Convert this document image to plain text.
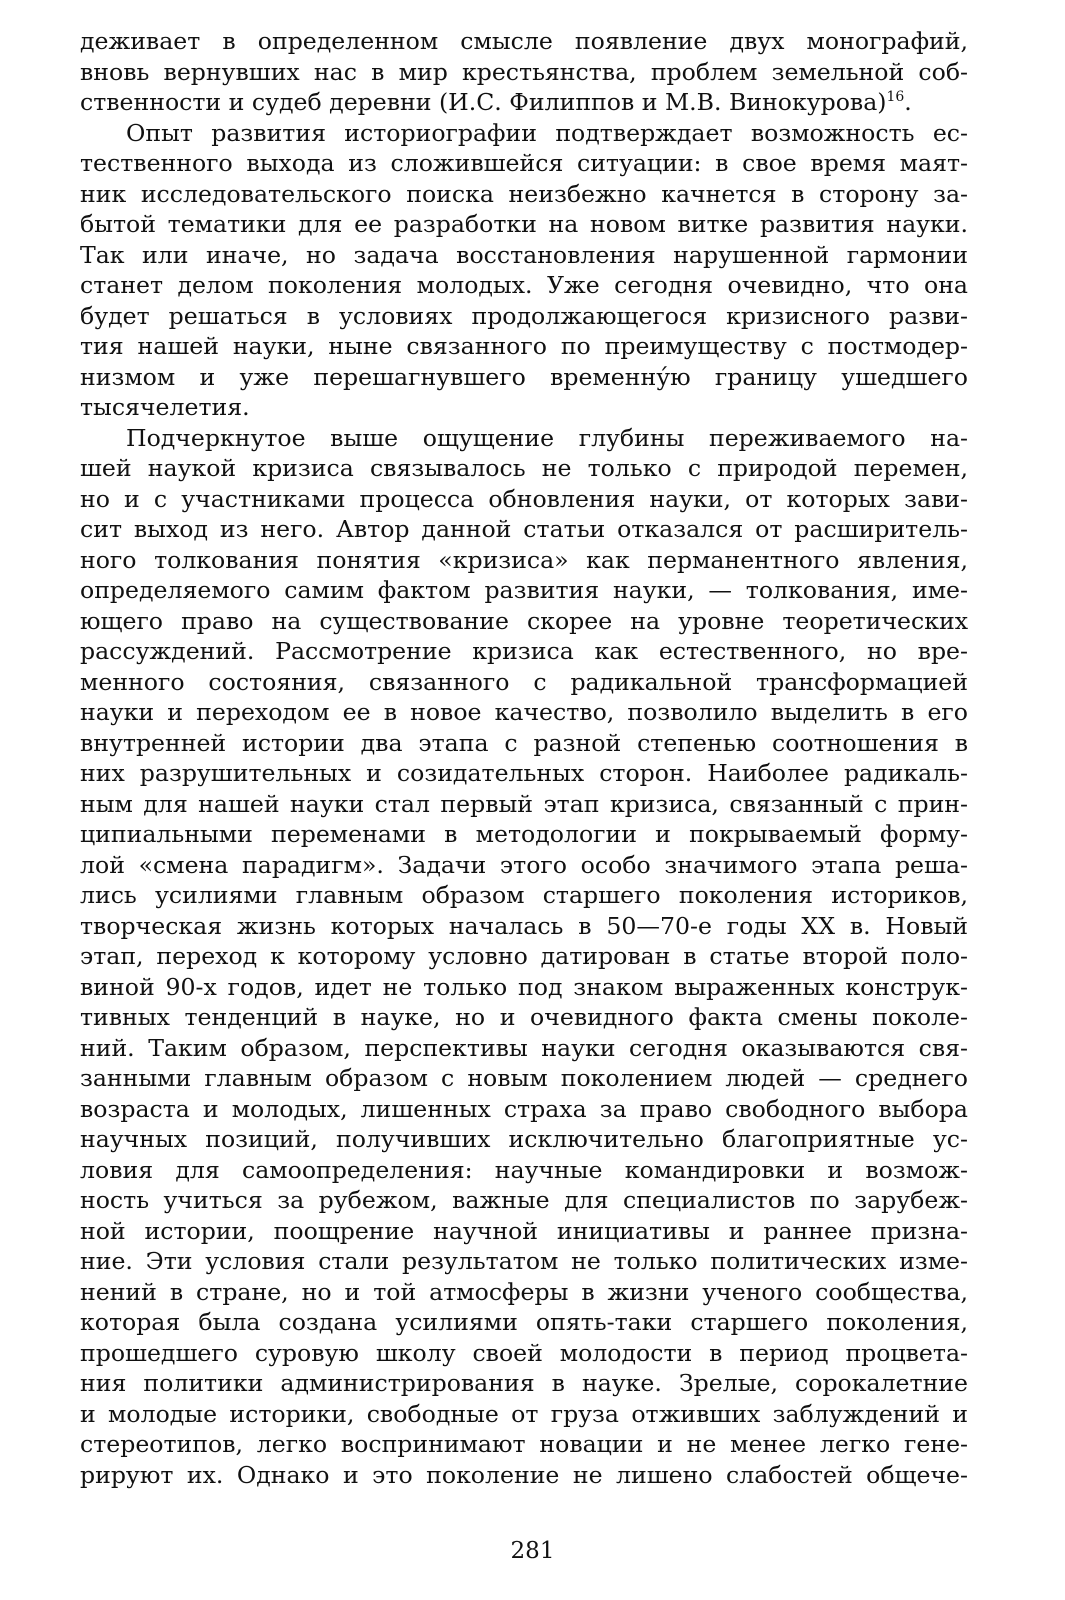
деживает в определенном смысле появление двух монографий,
вновь вернувших нас в мир крестьянства, проблем земельной соб-
ственности и судеб деревни (И.С. Филиппов и М.В. Винокурова)$^{16}$.
Опыт развития историографии подтверждает возможность ес-
тественного выхода из сложившейся ситуации: в свое время маят-
ник исследовательского поиска неизбежно качнется в сторону за-
бытой тематики для ее разработки на новом витке развития науки.
Так или иначе, но задача восстановления нарушенной гармонии
станет делом поколения молодых. Уже сегодня очевидно, что она
будет решаться в условиях продолжающегося кризисного разви-
тия нашей науки, ныне связанного по преимуществу с постмодер-
низмом и уже перешагнувшего временну́ю границу ушедшего
тысячелетия.
Подчеркнутое выше ощущение глубины переживаемого на-
шей наукой кризиса связывалось не только с природой перемен,
но и с участниками процесса обновления науки, от которых зави-
сит выход из него. Автор данной статьи отказался от расширитель-
ного толкования понятия «кризиса» как перманентного явления,
определяемого самим фактом развития науки, — толкования, име-
ющего право на существование скорее на уровне теоретических
рассуждений. Рассмотрение кризиса как естественного, но вре-
менного состояния, связанного с радикальной трансформацией
науки и переходом ее в новое качество, позволило выделить в его
внутренней истории два этапа с разной степенью соотношения в
них разрушительных и созидательных сторон. Наиболее радикаль-
ным для нашей науки стал первый этап кризиса, связанный с прин-
ципиальными переменами в методологии и покрываемый форму-
лой «смена парадигм». Задачи этого особо значимого этапа реша-
лись усилиями главным образом старшего поколения историков,
творческая жизнь которых началась в 50—70-е годы XX в. Новый
этап, переход к которому условно датирован в статье второй поло-
виной 90-х годов, идет не только под знаком выраженных конструк-
тивных тенденций в науке, но и очевидного факта смены поколе-
ний. Таким образом, перспективы науки сегодня оказываются свя-
занными главным образом с новым поколением людей — среднего
возраста и молодых, лишенных страха за право свободного выбора
научных позиций, получивших исключительно благоприятные ус-
ловия для самоопределения: научные командировки и возмож-
ность учиться за рубежом, важные для специалистов по зарубеж-
ной истории, поощрение научной инициативы и раннее призна-
ние. Эти условия стали результатом не только политических изме-
нений в стране, но и той атмосферы в жизни ученого сообщества,
которая была создана усилиями опять-таки старшего поколения,
прошедшего суровую школу своей молодости в период процвета-
ния политики администрирования в науке. Зрелые, сорокалетние
и молодые историки, свободные от груза отживших заблуждений и
стереотипов, легко воспринимают новации и не менее легко гене-
рируют их. Однако и это поколение не лишено слабостей общече-
281
